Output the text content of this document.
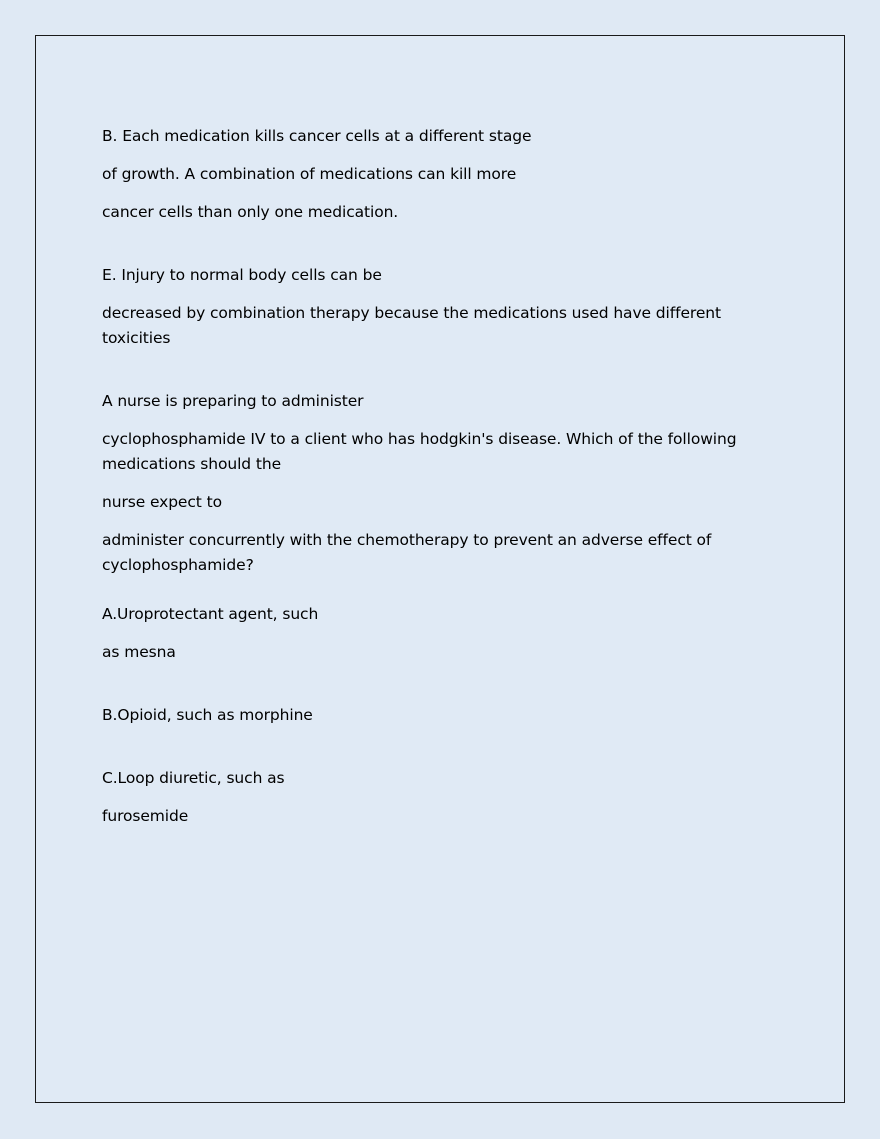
B. Each medication kills cancer cells at a different stage
of growth. A combination of medications can kill more
cancer cells than only one medication.
E. Injury to normal body cells can be
decreased by combination therapy because the medications used have different toxicities
A nurse is preparing to administer
cyclophosphamide IV to a client who has hodgkin's disease. Which of the following medications should the
nurse expect to
administer concurrently with the chemotherapy to prevent an adverse effect of cyclophosphamide?
A.Uroprotectant agent, such
as mesna
B.Opioid, such as morphine
C.Loop diuretic, such as
furosemide
